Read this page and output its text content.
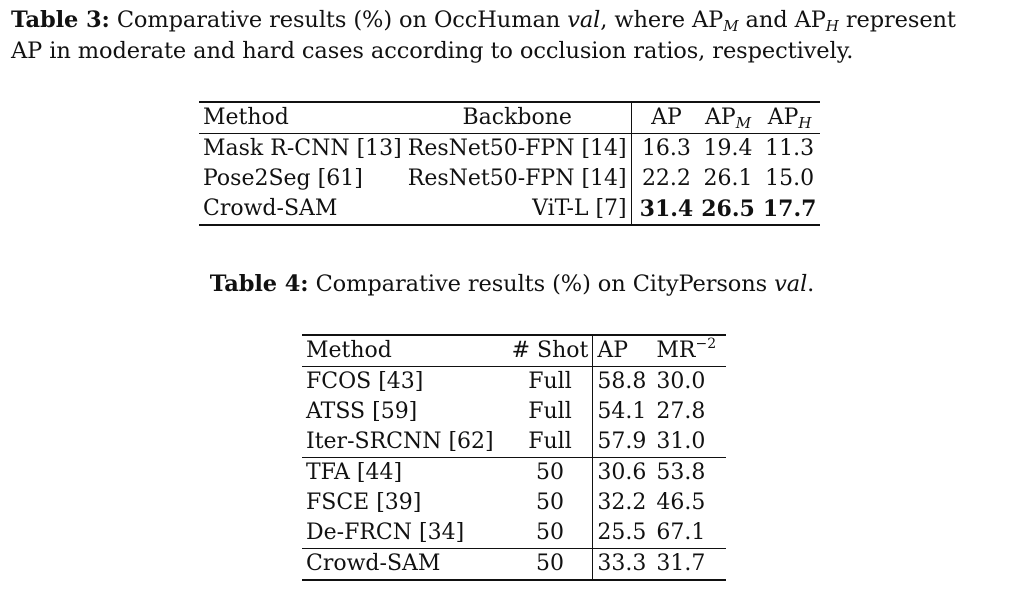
Table 3: Comparative results (%) on OccHuman val, where $AP_M$ and $AP_H$ represent
AP in moderate and hard cases according to occlusion ratios, respectively.
Method	Backbone	AP	$AP_M$	$AP_H$
Mask R-CNN [13]	ResNet50-FPN [14]	16.3	19.4	11.3
Pose2Seg [61]	ResNet50-FPN [14]	22.2	26.1	15.0
Crowd-SAM	ViT-L [7]	31.4	26.5	17.7
Table 4: Comparative results (%) on CityPersons val.
Method	# Shot	AP	$MR^{-2}$
FCOS [43]	Full	58.8	30.0
ATSS [59]	Full	54.1	27.8
Iter-SRCNN [62]	Full	57.9	31.0
TFA [44]	50	30.6	53.8
FSCE [39]	50	32.2	46.5
De-FRCN [34]	50	25.5	67.1
Crowd-SAM	50	33.3	31.7
